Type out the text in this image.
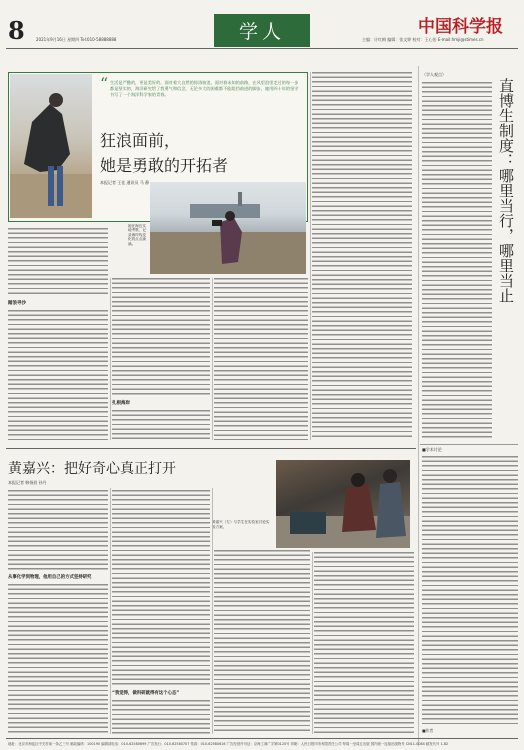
8	2021年9月16日 星期四 Tel:010-58888888	学人	中国科学报
主编：计红梅 编辑：张文婷 校对：王心怡 E-mail:hmji@stimes.cn
“ 生活是严酷的，更是美好的。面对着大自然的惊涛骇浪，面对着未知的前路，在风里浪里走过的每一步都是坚实的，海洋研究给了我勇气和信念，无论多大的困难都不能阻挡前进的脚步，她用四十年的坚守书写了一个海洋科学家的青春。
狂浪面前，
她是勇敢的开拓者
本报记者 王佳 通讯员 马 静
她在海边实地考察，记录海岸线变化的点点滴滴。
踏浪寻沙
扎根海岸
（学人观点）
直博生制度：哪里当行，哪里当止
■学术讨论
■作者
黄嘉兴：把好奇心真正打开
本报记者 韩扬眉 孙丹
黄嘉兴（左）与学生在实验室讨论实验方案。
从事化学到物理，他用自己的方式坚持研究
“我觉得，做科研就得有这个心态”
地址：北京市海淀区中关村南一条乙三号 邮政编码：100190 编辑部电话：010-62580699 广告发行：010-62580707 传真：010-62580616 广告经营许可证：京海工商广字第0120号 印刷：人民日报印务有限责任公司 每周一至周五出版 国内统一连续出版物号 CN11-0084 邮发代号 1-82
